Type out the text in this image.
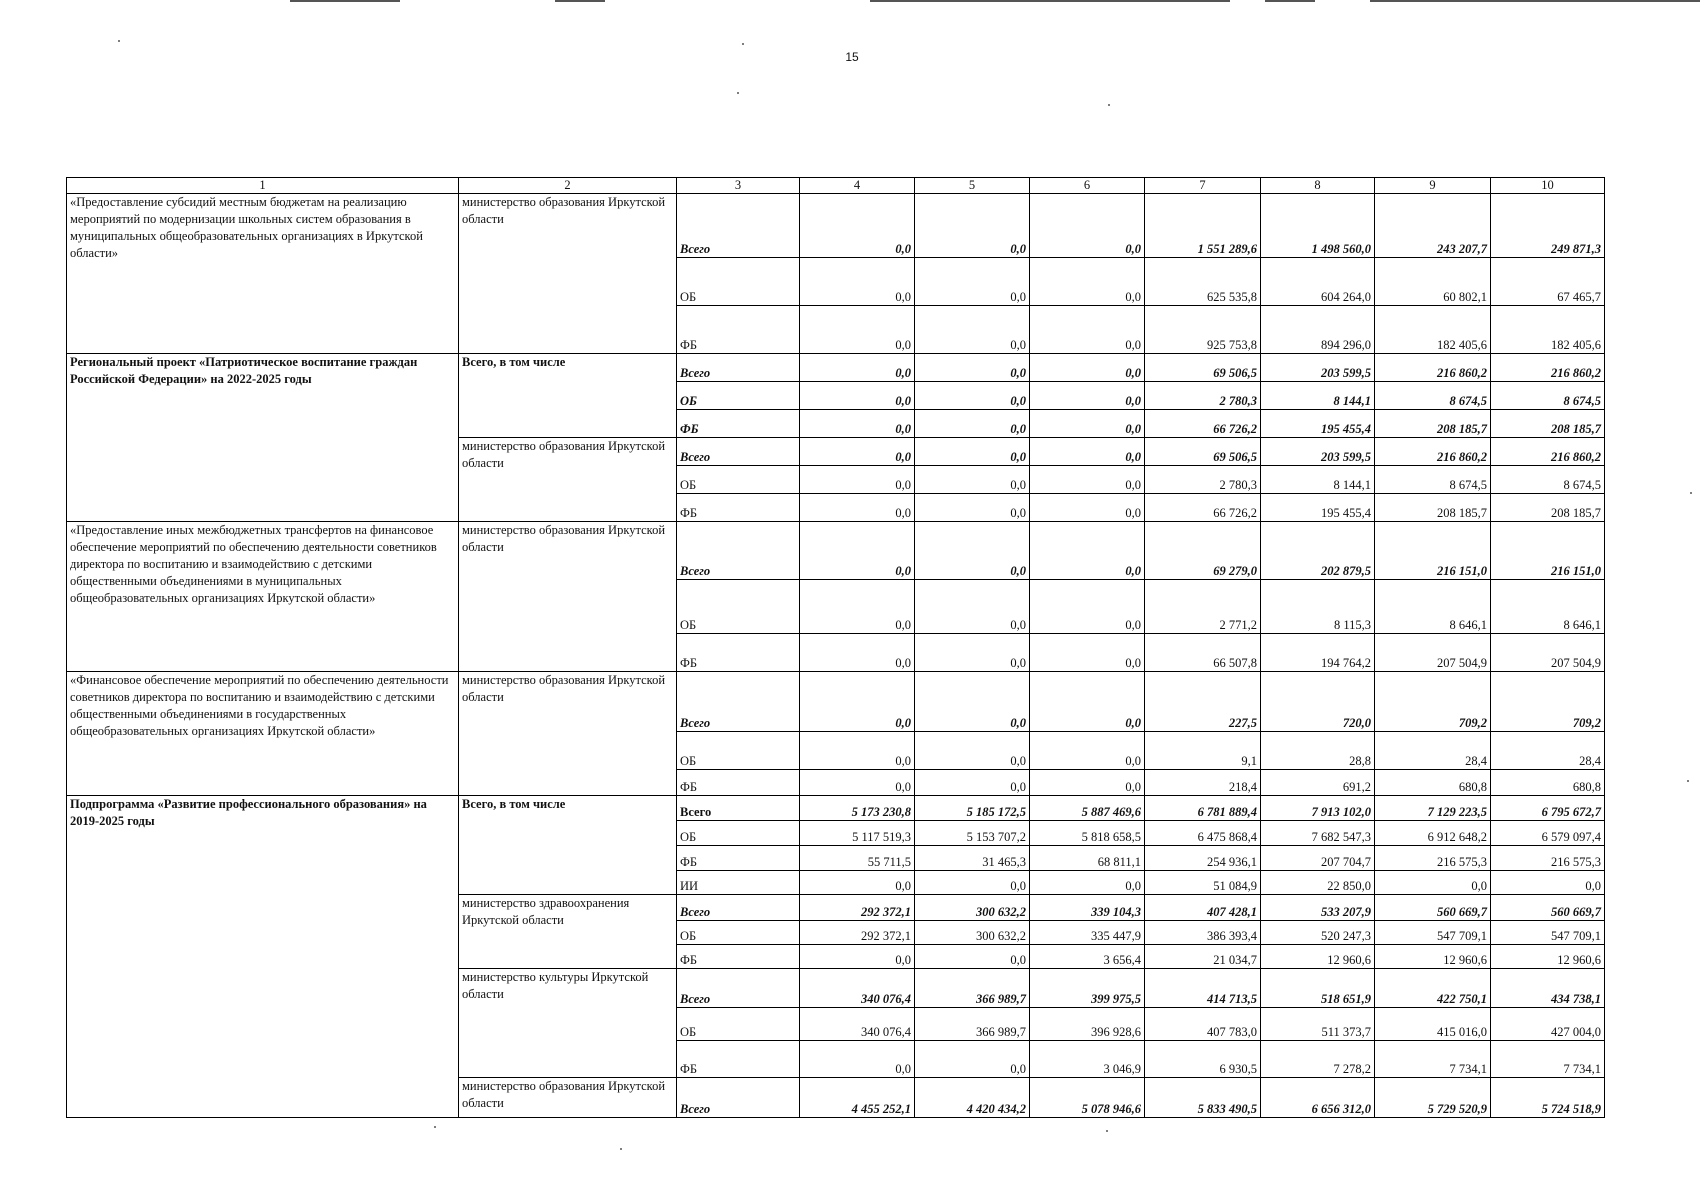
15
1	2	3	4	5	6	7	8	9	10
«Предоставление субсидий местным бюджетам на реализацию мероприятий по модернизации школьных систем образования в муниципальных общеобразовательных организациях в Иркутской области»	министерство образования Иркутской области	Всего	0,0	0,0	0,0	1 551 289,6	1 498 560,0	243 207,7	249 871,3
		ОБ	0,0	0,0	0,0	625 535,8	604 264,0	60 802,1	67 465,7
		ФБ	0,0	0,0	0,0	925 753,8	894 296,0	182 405,6	182 405,6
Региональный проект «Патриотическое воспитание граждан Российской Федерации» на 2022-2025 годы	Всего, в том числе	Всего	0,0	0,0	0,0	69 506,5	203 599,5	216 860,2	216 860,2
		ОБ	0,0	0,0	0,0	2 780,3	8 144,1	8 674,5	8 674,5
		ФБ	0,0	0,0	0,0	66 726,2	195 455,4	208 185,7	208 185,7
	министерство образования Иркутской области	Всего	0,0	0,0	0,0	69 506,5	203 599,5	216 860,2	216 860,2
		ОБ	0,0	0,0	0,0	2 780,3	8 144,1	8 674,5	8 674,5
		ФБ	0,0	0,0	0,0	66 726,2	195 455,4	208 185,7	208 185,7
«Предоставление иных межбюджетных трансфертов на финансовое обеспечение мероприятий по обеспечению деятельности советников директора по воспитанию и взаимодействию с детскими общественными объединениями в муниципальных общеобразовательных организациях Иркутской области»	министерство образования Иркутской области	Всего	0,0	0,0	0,0	69 279,0	202 879,5	216 151,0	216 151,0
		ОБ	0,0	0,0	0,0	2 771,2	8 115,3	8 646,1	8 646,1
		ФБ	0,0	0,0	0,0	66 507,8	194 764,2	207 504,9	207 504,9
«Финансовое обеспечение мероприятий по обеспечению деятельности советников директора по воспитанию и взаимодействию с детскими общественными объединениями в государственных общеобразовательных организациях Иркутской области»	министерство образования Иркутской области	Всего	0,0	0,0	0,0	227,5	720,0	709,2	709,2
		ОБ	0,0	0,0	0,0	9,1	28,8	28,4	28,4
		ФБ	0,0	0,0	0,0	218,4	691,2	680,8	680,8
Подпрограмма «Развитие профессионального образования» на 2019-2025 годы	Всего, в том числе	Всего	5 173 230,8	5 185 172,5	5 887 469,6	6 781 889,4	7 913 102,0	7 129 223,5	6 795 672,7
		ОБ	5 117 519,3	5 153 707,2	5 818 658,5	6 475 868,4	7 682 547,3	6 912 648,2	6 579 097,4
		ФБ	55 711,5	31 465,3	68 811,1	254 936,1	207 704,7	216 575,3	216 575,3
		ИИ	0,0	0,0	0,0	51 084,9	22 850,0	0,0	0,0
	министерство здравоохранения Иркутской области	Всего	292 372,1	300 632,2	339 104,3	407 428,1	533 207,9	560 669,7	560 669,7
		ОБ	292 372,1	300 632,2	335 447,9	386 393,4	520 247,3	547 709,1	547 709,1
		ФБ	0,0	0,0	3 656,4	21 034,7	12 960,6	12 960,6	12 960,6
	министерство культуры Иркутской области	Всего	340 076,4	366 989,7	399 975,5	414 713,5	518 651,9	422 750,1	434 738,1
		ОБ	340 076,4	366 989,7	396 928,6	407 783,0	511 373,7	415 016,0	427 004,0
		ФБ	0,0	0,0	3 046,9	6 930,5	7 278,2	7 734,1	7 734,1
	министерство образования Иркутской области	Всего	4 455 252,1	4 420 434,2	5 078 946,6	5 833 490,5	6 656 312,0	5 729 520,9	5 724 518,9
